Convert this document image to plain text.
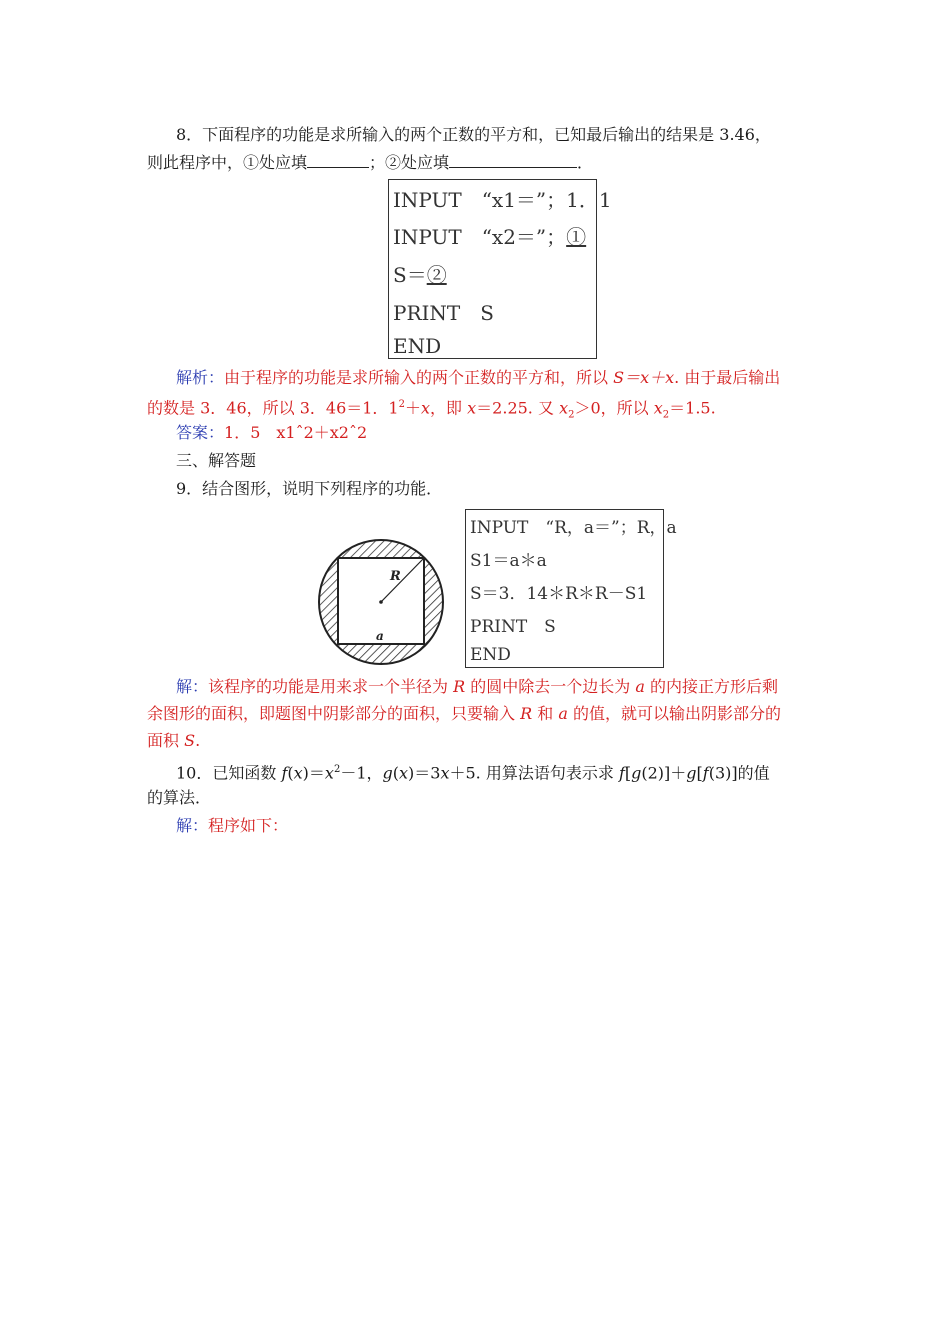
8．下面程序的功能是求所输入的两个正数的平方和，已知最后输出的结果是 3.46，
则此程序中，①处应填	；②处应填	．
INPUT　“x1＝”；1．1
INPUT　“x2＝”；①
S＝②
PRINT　S
END
解析：由于程序的功能是求所输入的两个正数的平方和，所以 S＝x＋x. 由于最后输出
的数是 3．46，所以 3．46＝1．$1^2+x$，即 x＝2.25. 又 $x_2>0$，所以 $x_2=1.5$.
答案：1．5　x1ˆ2＋x2ˆ2
三、解答题
9．结合图形，说明下列程序的功能．
R
a
INPUT　“R，a＝”；R，a
S1＝a＊a
S＝3．14＊R＊R－S1
PRINT　S
END
解：该程序的功能是用来求一个半径为 R 的圆中除去一个边长为 a 的内接正方形后剩
余图形的面积，即题图中阴影部分的面积，只要输入 R 和 a 的值，就可以输出阴影部分的
面积 S.
10．已知函数 $f(x)=x^2-1$，g(x)＝3x＋5. 用算法语句表示求 f[g(2)]＋g[f(3)]的值
的算法．
解：程序如下：
